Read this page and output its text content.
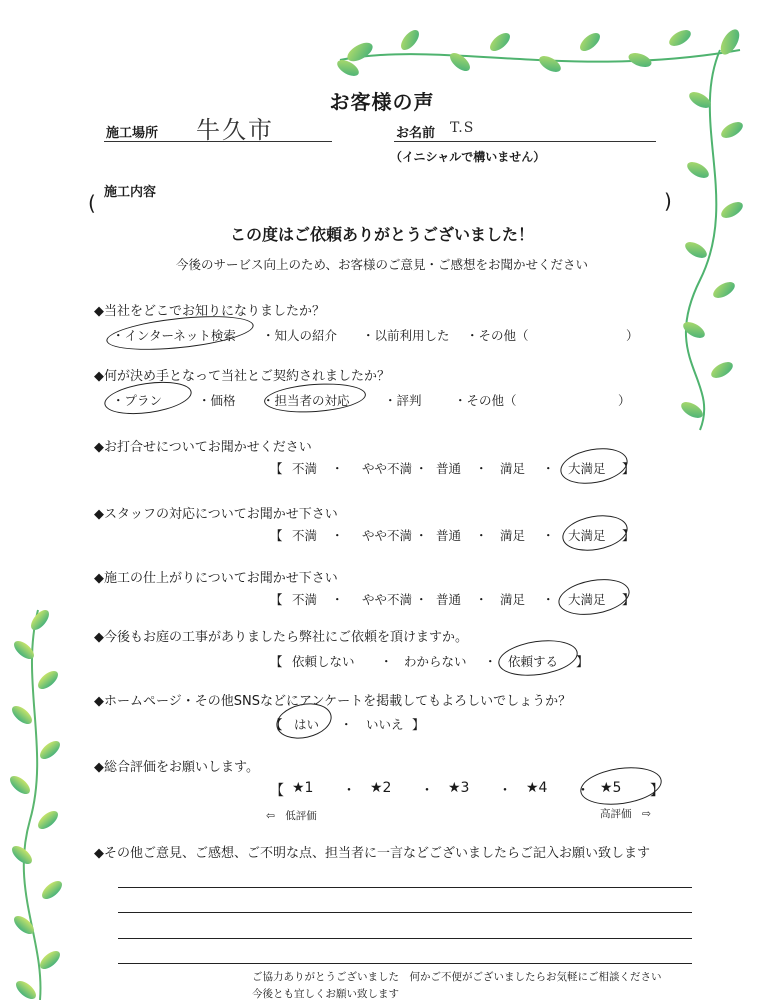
お客様の声
施工場所 牛久市	お名前 T.S
（イニシャルで構いません）
施工内容
(	)
この度はご依頼ありがとうございました！
今後のサービス向上のため、お客様のご意見・ご感想をお聞かせください
◆当社をどこでお知りになりましたか？
・インターネット検索 ・知人の紹介 ・以前利用した ・その他（	）
◆何が決め手となって当社とご契約されましたか？
・プラン	・価格 ・担当者の対応	・評判	・その他（	）
◆お打合せについてお聞かせください
【 不満 ・ やや不満 ・ 普通 ・ 満足 ・ 大満足 】
◆スタッフの対応についてお聞かせ下さい
【 不満 ・ やや不満 ・ 普通 ・ 満足 ・ 大満足 】
◆施工の仕上がりについてお聞かせ下さい
【 不満 ・ やや不満 ・ 普通 ・ 満足 ・ 大満足 】
◆今後もお庭の工事がありましたら弊社にご依頼を頂けますか。
【 依頼しない ・ わからない ・ 依頼する 】
◆ホームページ・その他SNSなどにアンケートを掲載してもよろしいでしょうか？
【 はい ・ いいえ 】
◆総合評価をお願いします。
【 ★1 ・ ★2 ・ ★3 ・ ★4 ・ ★5 】
⇦　低評価	高評価　⇨
◆その他ご意見、ご感想、ご不明な点、担当者に一言などございましたらご記入お願い致します
ご協力ありがとうございました　何かご不便がございましたらお気軽にご相談ください
今後とも宜しくお願い致します
